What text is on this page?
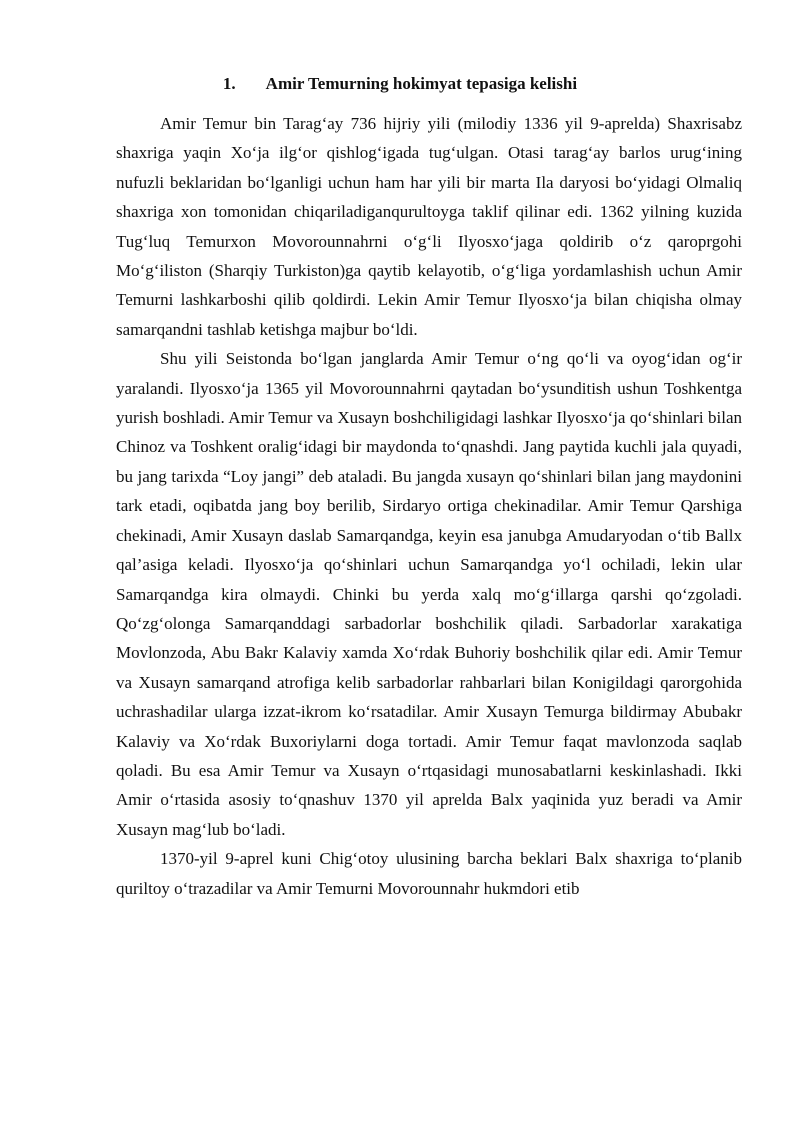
1. Amir Temurning hokimyat tepasiga kelishi

Amir Temur bin Tarag‘ay 736 hijriy yili (milodiy 1336 yil 9-aprelda) Shaxrisabz shaxriga yaqin Xo‘ja ilg‘or qishlog‘igada tug‘ulgan. Otasi tarag‘ay barlos urug‘ining nufuzli beklaridan bo‘lganligi uchun ham har yili bir marta Ila daryosi bo‘yidagi Olmaliq shaxriga xon tomonidan chiqariladiganqurultoyga taklif qilinar edi. 1362 yilning kuzida Tug‘luq Temurxon Movorounnahrni o‘g‘li Ilyosxo‘jaga qoldirib o‘z qaroprgohi Mo‘g‘iliston (Sharqiy Turkiston)ga qaytib kelayotib, o‘g‘liga yordamlashish uchun Amir Temurni lashkarboshi qilib qoldirdi. Lekin Amir Temur Ilyosxo‘ja bilan chiqisha olmay samarqandni tashlab ketishga majbur bo‘ldi.

Shu yili Seistonda bo‘lgan janglarda Amir Temur o‘ng qo‘li va oyog‘idan og‘ir yaralandi. Ilyosxo‘ja 1365 yil Movorounnahrni qaytadan bo‘ysunditish ushun Toshkentga yurish boshladi. Amir Temur va Xusayn boshchiligidagi lashkar Ilyosxo‘ja qo‘shinlari bilan Chinoz va Toshkent oralig‘idagi bir maydonda to‘qnashdi. Jang paytida kuchli jala quyadi, bu jang tarixda “Loy jangi” deb ataladi. Bu jangda xusayn qo‘shinlari bilan jang maydonini tark etadi, oqibatda jang boy berilib, Sirdaryo ortiga chekinadilar. Amir Temur Qarshiga chekinadi, Amir Xusayn daslab Samarqandga, keyin esa janubga Amudaryodan o‘tib Ballx qal’asiga keladi. Ilyosxo‘ja qo‘shinlari uchun Samarqandga yo‘l ochiladi, lekin ular Samarqandga kira olmaydi. Chinki bu yerda xalq mo‘g‘illarga qarshi qo‘zgoladi. Qo‘zg‘olonga Samarqanddagi sarbadorlar boshchilik qiladi. Sarbadorlar xarakatiga Movlonzoda, Abu Bakr Kalaviy xamda Xo‘rdak Buhoriy boshchilik qilar edi. Amir Temur va Xusayn samarqand atrofiga kelib sarbadorlar rahbarlari bilan Konigildagi qarorgohida uchrashadilar ularga izzat-ikrom ko‘rsatadilar. Amir Xusayn Temurga bildirmay Abubakr Kalaviy va Xo‘rdak Buxoriylarni doga tortadi. Amir Temur faqat mavlonzoda saqlab qoladi. Bu esa Amir Temur va Xusayn o‘rtqasidagi munosabatlarni keskinlashadi. Ikki Amir o‘rtasida asosiy to‘qnashuv 1370 yil aprelda Balx yaqinida yuz beradi va Amir Xusayn mag‘lub bo‘ladi.

1370-yil 9-aprel kuni Chig‘otoy ulusining barcha beklari Balx shaxriga to‘planib quriltoy o‘trazadilar va Amir Temurni Movorounnahr hukmdori etib
